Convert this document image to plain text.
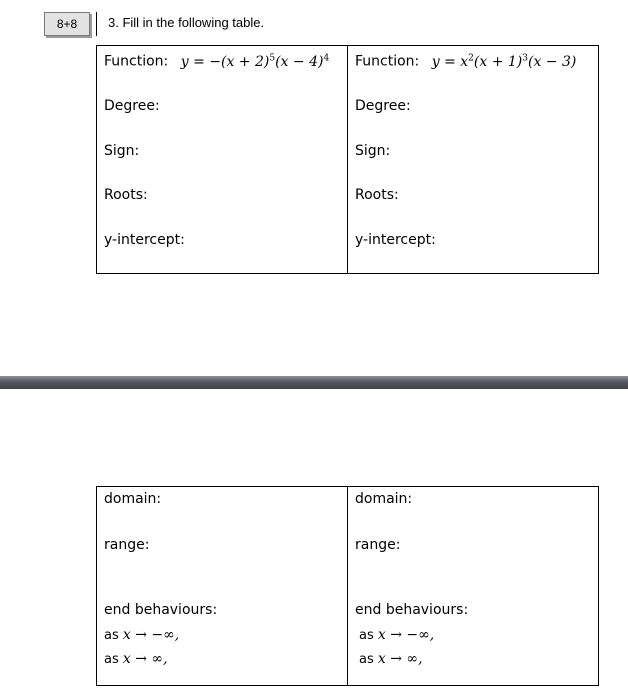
8+8 3. Fill in the following table.
Function: $y = -(x + 2)^5(x - 4)^4$
Degree:
Sign:
Roots:
y-intercept:

Function: $y = x^2(x + 1)^3(x - 3)$
Degree:
Sign:
Roots:
y-intercept:
domain:
range:
end behaviours:
as x → −∞,
as x → ∞,

domain:
range:
end behaviours:
as x → −∞,
as x → ∞,
